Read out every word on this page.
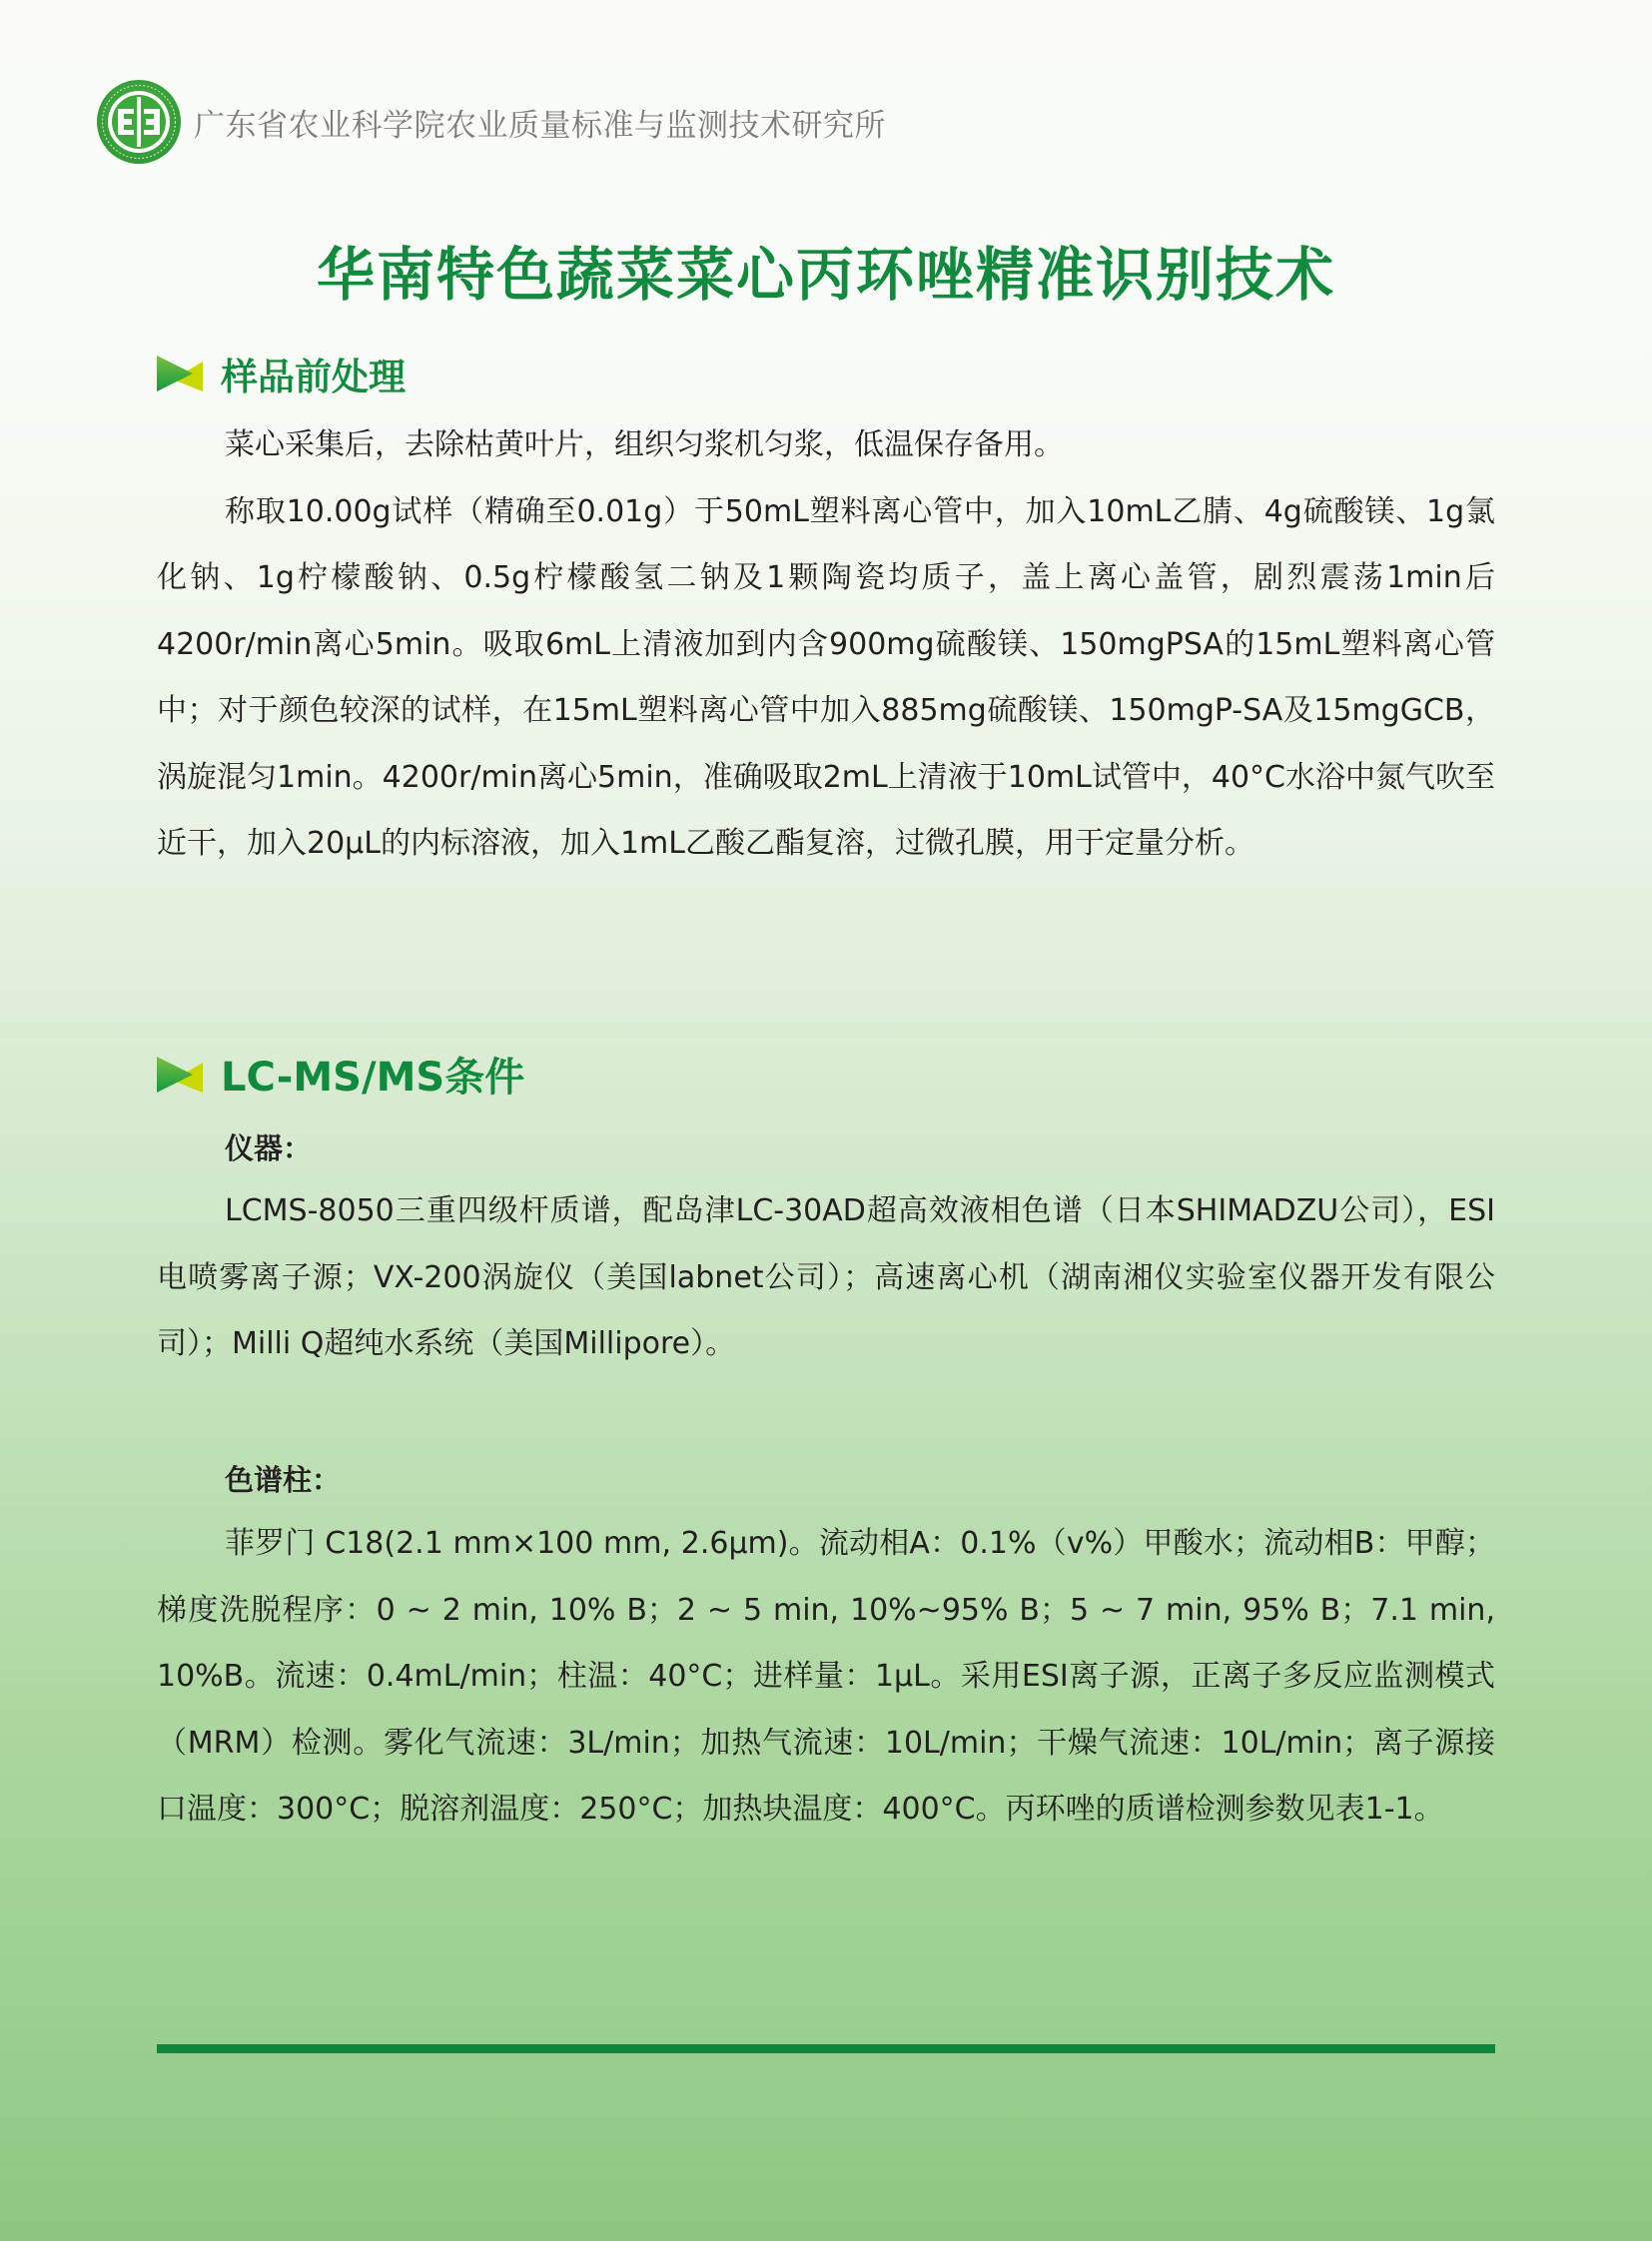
广东省农业科学院农业质量标准与监测技术研究所
华南特色蔬菜菜心丙环唑精准识别技术
样品前处理

菜心采集后，去除枯黄叶片，组织匀浆机匀浆，低温保存备用。

称取10.00g试样（精确至0.01g）于50mL塑料离心管中，加入10mL乙腈、4g硫酸镁、1g氯化钠、1g柠檬酸钠、0.5g柠檬酸氢二钠及1颗陶瓷均质子，盖上离心盖管，剧烈震荡1min后4200r/min离心5min。吸取6mL上清液加到内含900mg硫酸镁、150mgPSA的15mL塑料离心管中；对于颜色较深的试样，在15mL塑料离心管中加入885mg硫酸镁、150mgP-SA及15mgGCB，涡旋混匀1min。4200r/min离心5min，准确吸取2mL上清液于10mL试管中，40°C水浴中氮气吹至近干，加入20μL的内标溶液，加入1mL乙酸乙酯复溶，过微孔膜，用于定量分析。

LC-MS/MS条件
仪器：

LCMS-8050三重四级杆质谱，配岛津LC-30AD超高效液相色谱（日本SHIMADZU公司），ESI电喷雾离子源；VX-200涡旋仪（美国labnet公司）；高速离心机（湖南湘仪实验室仪器开发有限公司）；Milli Q超纯水系统（美国Millipore）。

色谱柱：

菲罗门 C18(2.1 mm×100 mm, 2.6μm)。流动相A：0.1%（v%）甲酸水；流动相B：甲醇；梯度洗脱程序：0 ~ 2 min, 10% B；2 ~ 5 min, 10%~95% B；5 ~ 7 min, 95% B；7.1 min, 10%B。流速：0.4mL/min；柱温：40°C；进样量：1μL。采用ESI离子源，正离子多反应监测模式（MRM）检测。雾化气流速：3L/min；加热气流速：10L/min；干燥气流速：10L/min；离子源接口温度：300°C；脱溶剂温度：250°C；加热块温度：400°C。丙环唑的质谱检测参数见表1-1。
